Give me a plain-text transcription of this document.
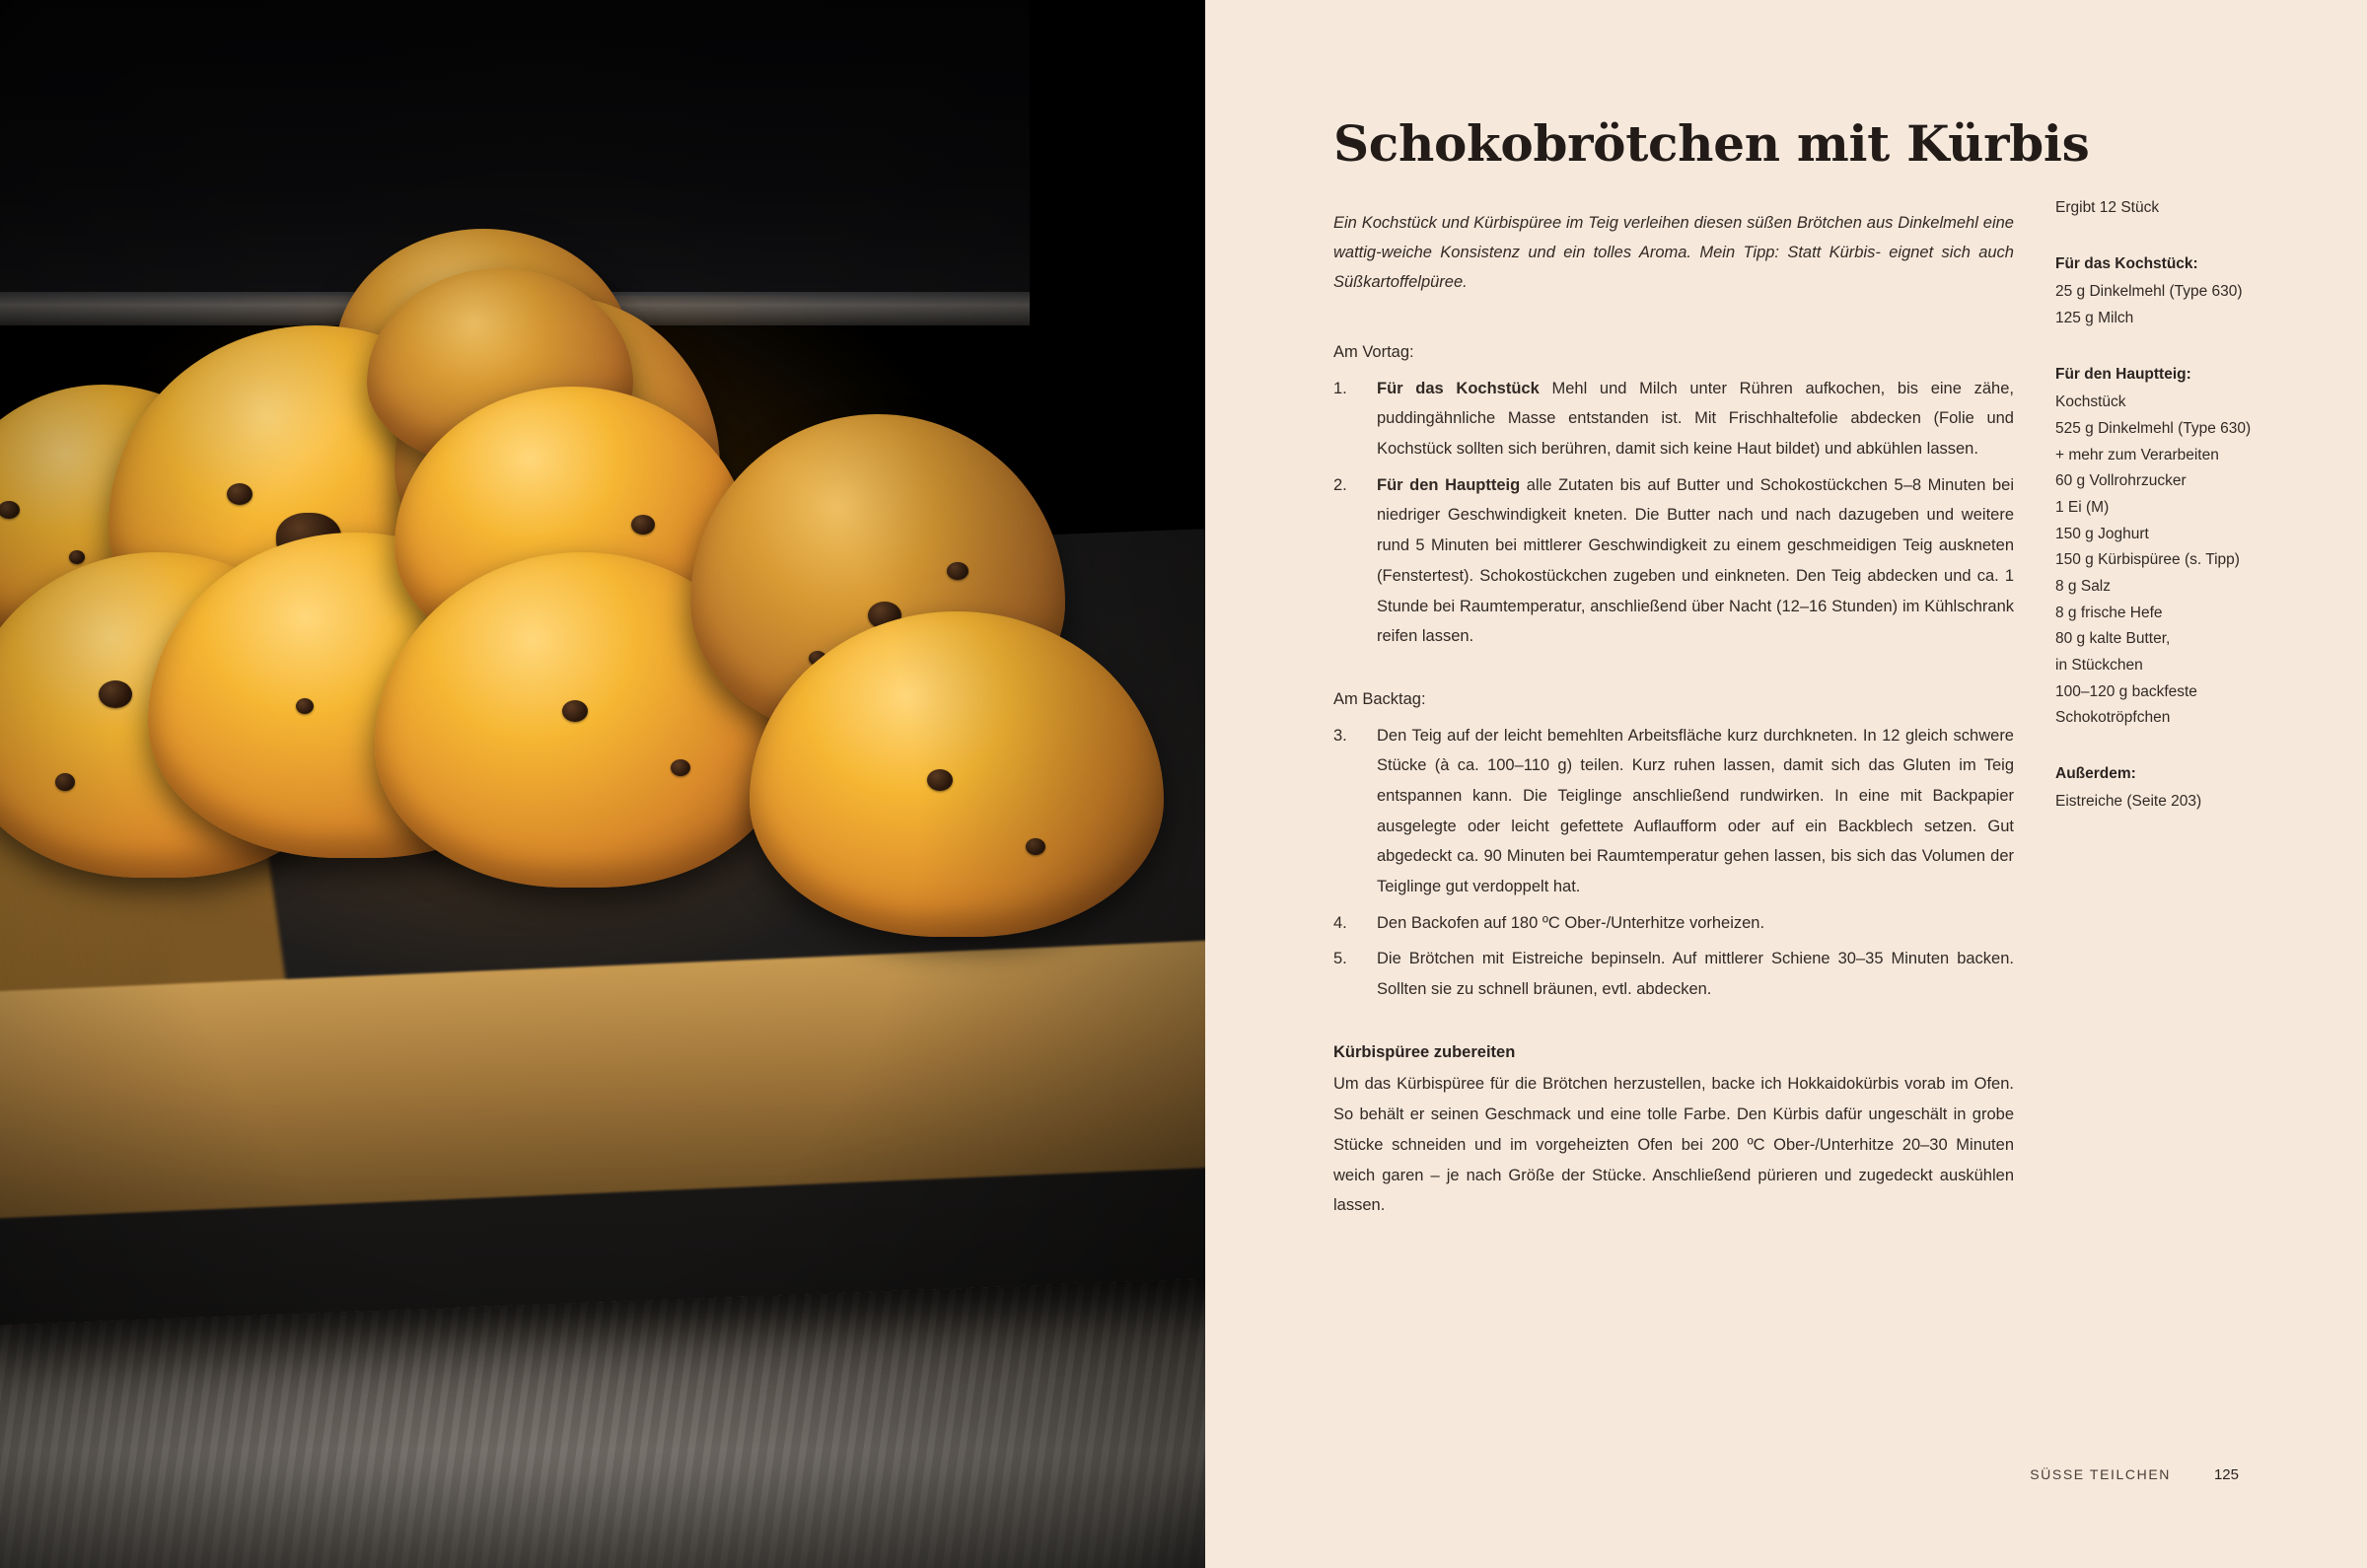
Schokobrötchen mit Kürbis

Ein Kochstück und Kürbispüree im Teig verleihen diesen süßen Brötchen aus Dinkelmehl eine wattig-weiche Konsistenz und ein tolles Aroma. Mein Tipp: Statt Kürbis- eignet sich auch Süßkartoffelpüree.

Am Vortag:

1.	Für das Kochstück Mehl und Milch unter Rühren aufkochen, bis eine zähe, puddingähnliche Masse entstanden ist. Mit Frischhaltefolie abdecken (Folie und Kochstück sollten sich berühren, damit sich keine Haut bildet) und abkühlen lassen.
2.	Für den Hauptteig alle Zutaten bis auf Butter und Schokostückchen 5–8 Minuten bei niedriger Geschwindigkeit kneten. Die Butter nach und nach dazugeben und weitere rund 5 Minuten bei mittlerer Geschwindigkeit zu einem geschmeidigen Teig auskneten (Fenstertest). Schokostückchen zugeben und einkneten. Den Teig abdecken und ca. 1 Stunde bei Raumtemperatur, anschließend über Nacht (12–16 Stunden) im Kühlschrank reifen lassen.

Am Backtag:

3.	Den Teig auf der leicht bemehlten Arbeitsfläche kurz durchkneten. In 12 gleich schwere Stücke (à ca. 100–110 g) teilen. Kurz ruhen lassen, damit sich das Gluten im Teig entspannen kann. Die Teiglinge anschließend rundwirken. In eine mit Backpapier ausgelegte oder leicht gefettete Auflaufform oder auf ein Backblech setzen. Gut abgedeckt ca. 90 Minuten bei Raumtemperatur gehen lassen, bis sich das Volumen der Teiglinge gut verdoppelt hat.
4.	Den Backofen auf 180 ºC Ober-/Unterhitze vorheizen.
5.	Die Brötchen mit Eistreiche bepinseln. Auf mittlerer Schiene 30–35 Minuten backen. Sollten sie zu schnell bräunen, evtl. abdecken.

Kürbispüree zubereiten

Um das Kürbispüree für die Brötchen herzustellen, backe ich Hokkaidokürbis vorab im Ofen. So behält er seinen Geschmack und eine tolle Farbe. Den Kürbis dafür ungeschält in grobe Stücke schneiden und im vorgeheizten Ofen bei 200 ºC Ober-/Unterhitze 20–30 Minuten weich garen – je nach Größe der Stücke. Anschließend pürieren und zugedeckt auskühlen lassen.

Ergibt 12 Stück
Für das Kochstück:
25 g Dinkelmehl (Type 630)
125 g Milch
Für den Hauptteig:
Kochstück
525 g Dinkelmehl (Type 630)
+ mehr zum Verarbeiten
60 g Vollrohrzucker
1 Ei (M)
150 g Joghurt
150 g Kürbispüree (s. Tipp)
8 g Salz
8 g frische Hefe
80 g kalte Butter,
in Stückchen
100–120 g backfeste
Schokotröpfchen
Außerdem:
Eistreiche (Seite 203)
SÜSSE TEILCHEN	125
